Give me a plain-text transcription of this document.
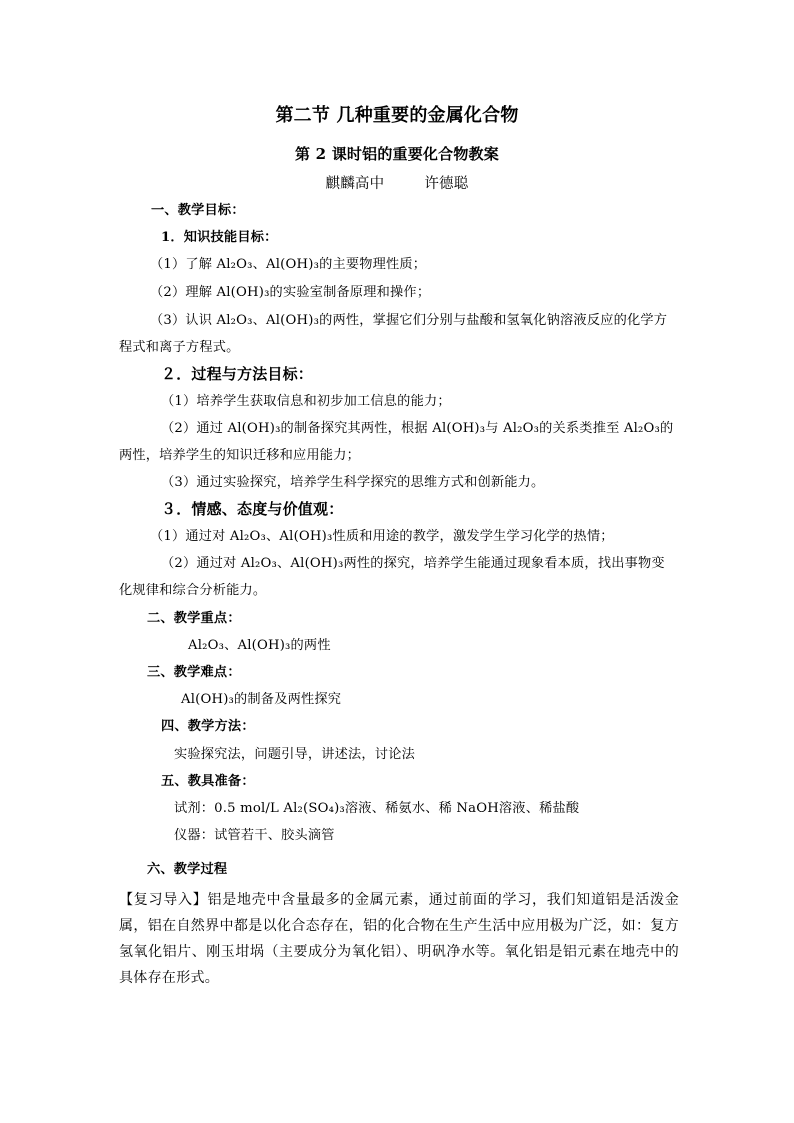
第二节 几种重要的金属化合物
第 2 课时铝的重要化合物教案
麒麟高中	许德聪
一、教学目标：
1．知识技能目标：
（1）了解 Al₂O₃、Al(OH)₃的主要物理性质；
（2）理解 Al(OH)₃的实验室制备原理和操作；
（3）认识 Al₂O₃、Al(OH)₃的两性，掌握它们分别与盐酸和氢氧化钠溶液反应的化学方
程式和离子方程式。
２．过程与方法目标：
（1）培养学生获取信息和初步加工信息的能力；
（2）通过 Al(OH)₃的制备探究其两性，根据 Al(OH)₃与 Al₂O₃的关系类推至 Al₂O₃的
两性，培养学生的知识迁移和应用能力；
（3）通过实验探究，培养学生科学探究的思维方式和创新能力。
３．情感、态度与价值观：
（1）通过对 Al₂O₃、Al(OH)₃性质和用途的教学，激发学生学习化学的热情；
（2）通过对 Al₂O₃、Al(OH)₃两性的探究，培养学生能通过现象看本质，找出事物变
化规律和综合分析能力。
二、教学重点：
Al₂O₃、Al(OH)₃的两性
三、教学难点：
Al(OH)₃的制备及两性探究
四、教学方法：
实验探究法，问题引导，讲述法，讨论法
五、教具准备：
试剂：0.5 mol/L Al₂(SO₄)₃溶液、稀氨水、稀 NaOH溶液、稀盐酸
仪器：试管若干、胶头滴管
六、教学过程
【复习导入】铝是地壳中含量最多的金属元素，通过前面的学习，我们知道铝是活泼金属，铝在自然界中都是以化合态存在，铝的化合物在生产生活中应用极为广泛，如：复方氢氧化铝片、刚玉坩埚（主要成分为氧化铝）、明矾净水等。氧化铝是铝元素在地壳中的具体存在形式。
